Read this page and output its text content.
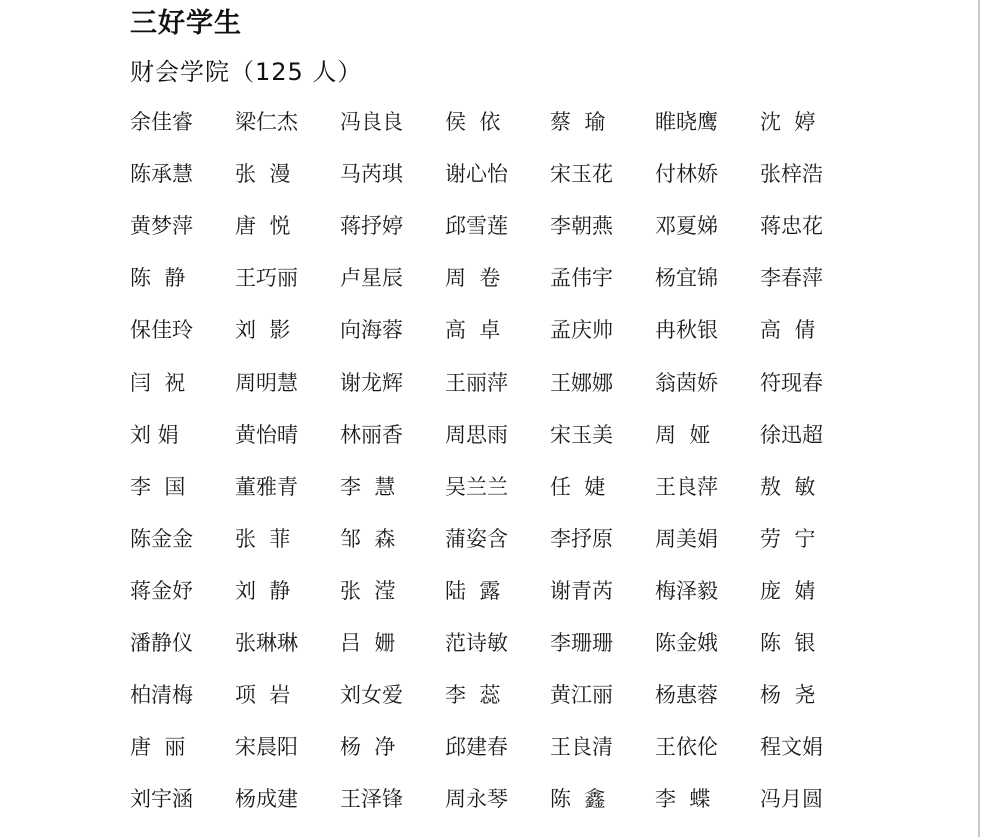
三好学生
财会学院（125 人）
余佳睿	梁仁杰	冯良良	侯  依	蔡  瑜	睢晓鹰	沈  婷
陈承慧	张  漫	马芮琪	谢心怡	宋玉花	付林娇	张梓浩
黄梦萍	唐  悦	蒋抒婷	邱雪莲	李朝燕	邓夏娣	蒋忠花
陈  静	王巧丽	卢星辰	周  卷	孟伟宇	杨宜锦	李春萍
保佳玲	刘  影	向海蓉	高  卓	孟庆帅	冉秋银	高  倩
闫  祝	周明慧	谢龙辉	王丽萍	王娜娜	翁茵娇	符现春
刘 娟	黄怡晴	林丽香	周思雨	宋玉美	周  娅	徐迅超
李  国	董雅青	李  慧	吴兰兰	任  婕	王良萍	敖  敏
陈金金	张  菲	邹  森	蒲姿含	李抒原	周美娟	劳  宁
蒋金妤	刘  静	张  滢	陆  露	谢青芮	梅泽毅	庞  婧
潘静仪	张琳琳	吕  姗	范诗敏	李珊珊	陈金娥	陈  银
柏清梅	项  岩	刘女爱	李  蕊	黄江丽	杨惠蓉	杨  尧
唐  丽	宋晨阳	杨  净	邱建春	王良清	王依伦	程文娟
刘宇涵	杨成建	王泽锋	周永琴	陈  鑫	李  蝶	冯月圆
